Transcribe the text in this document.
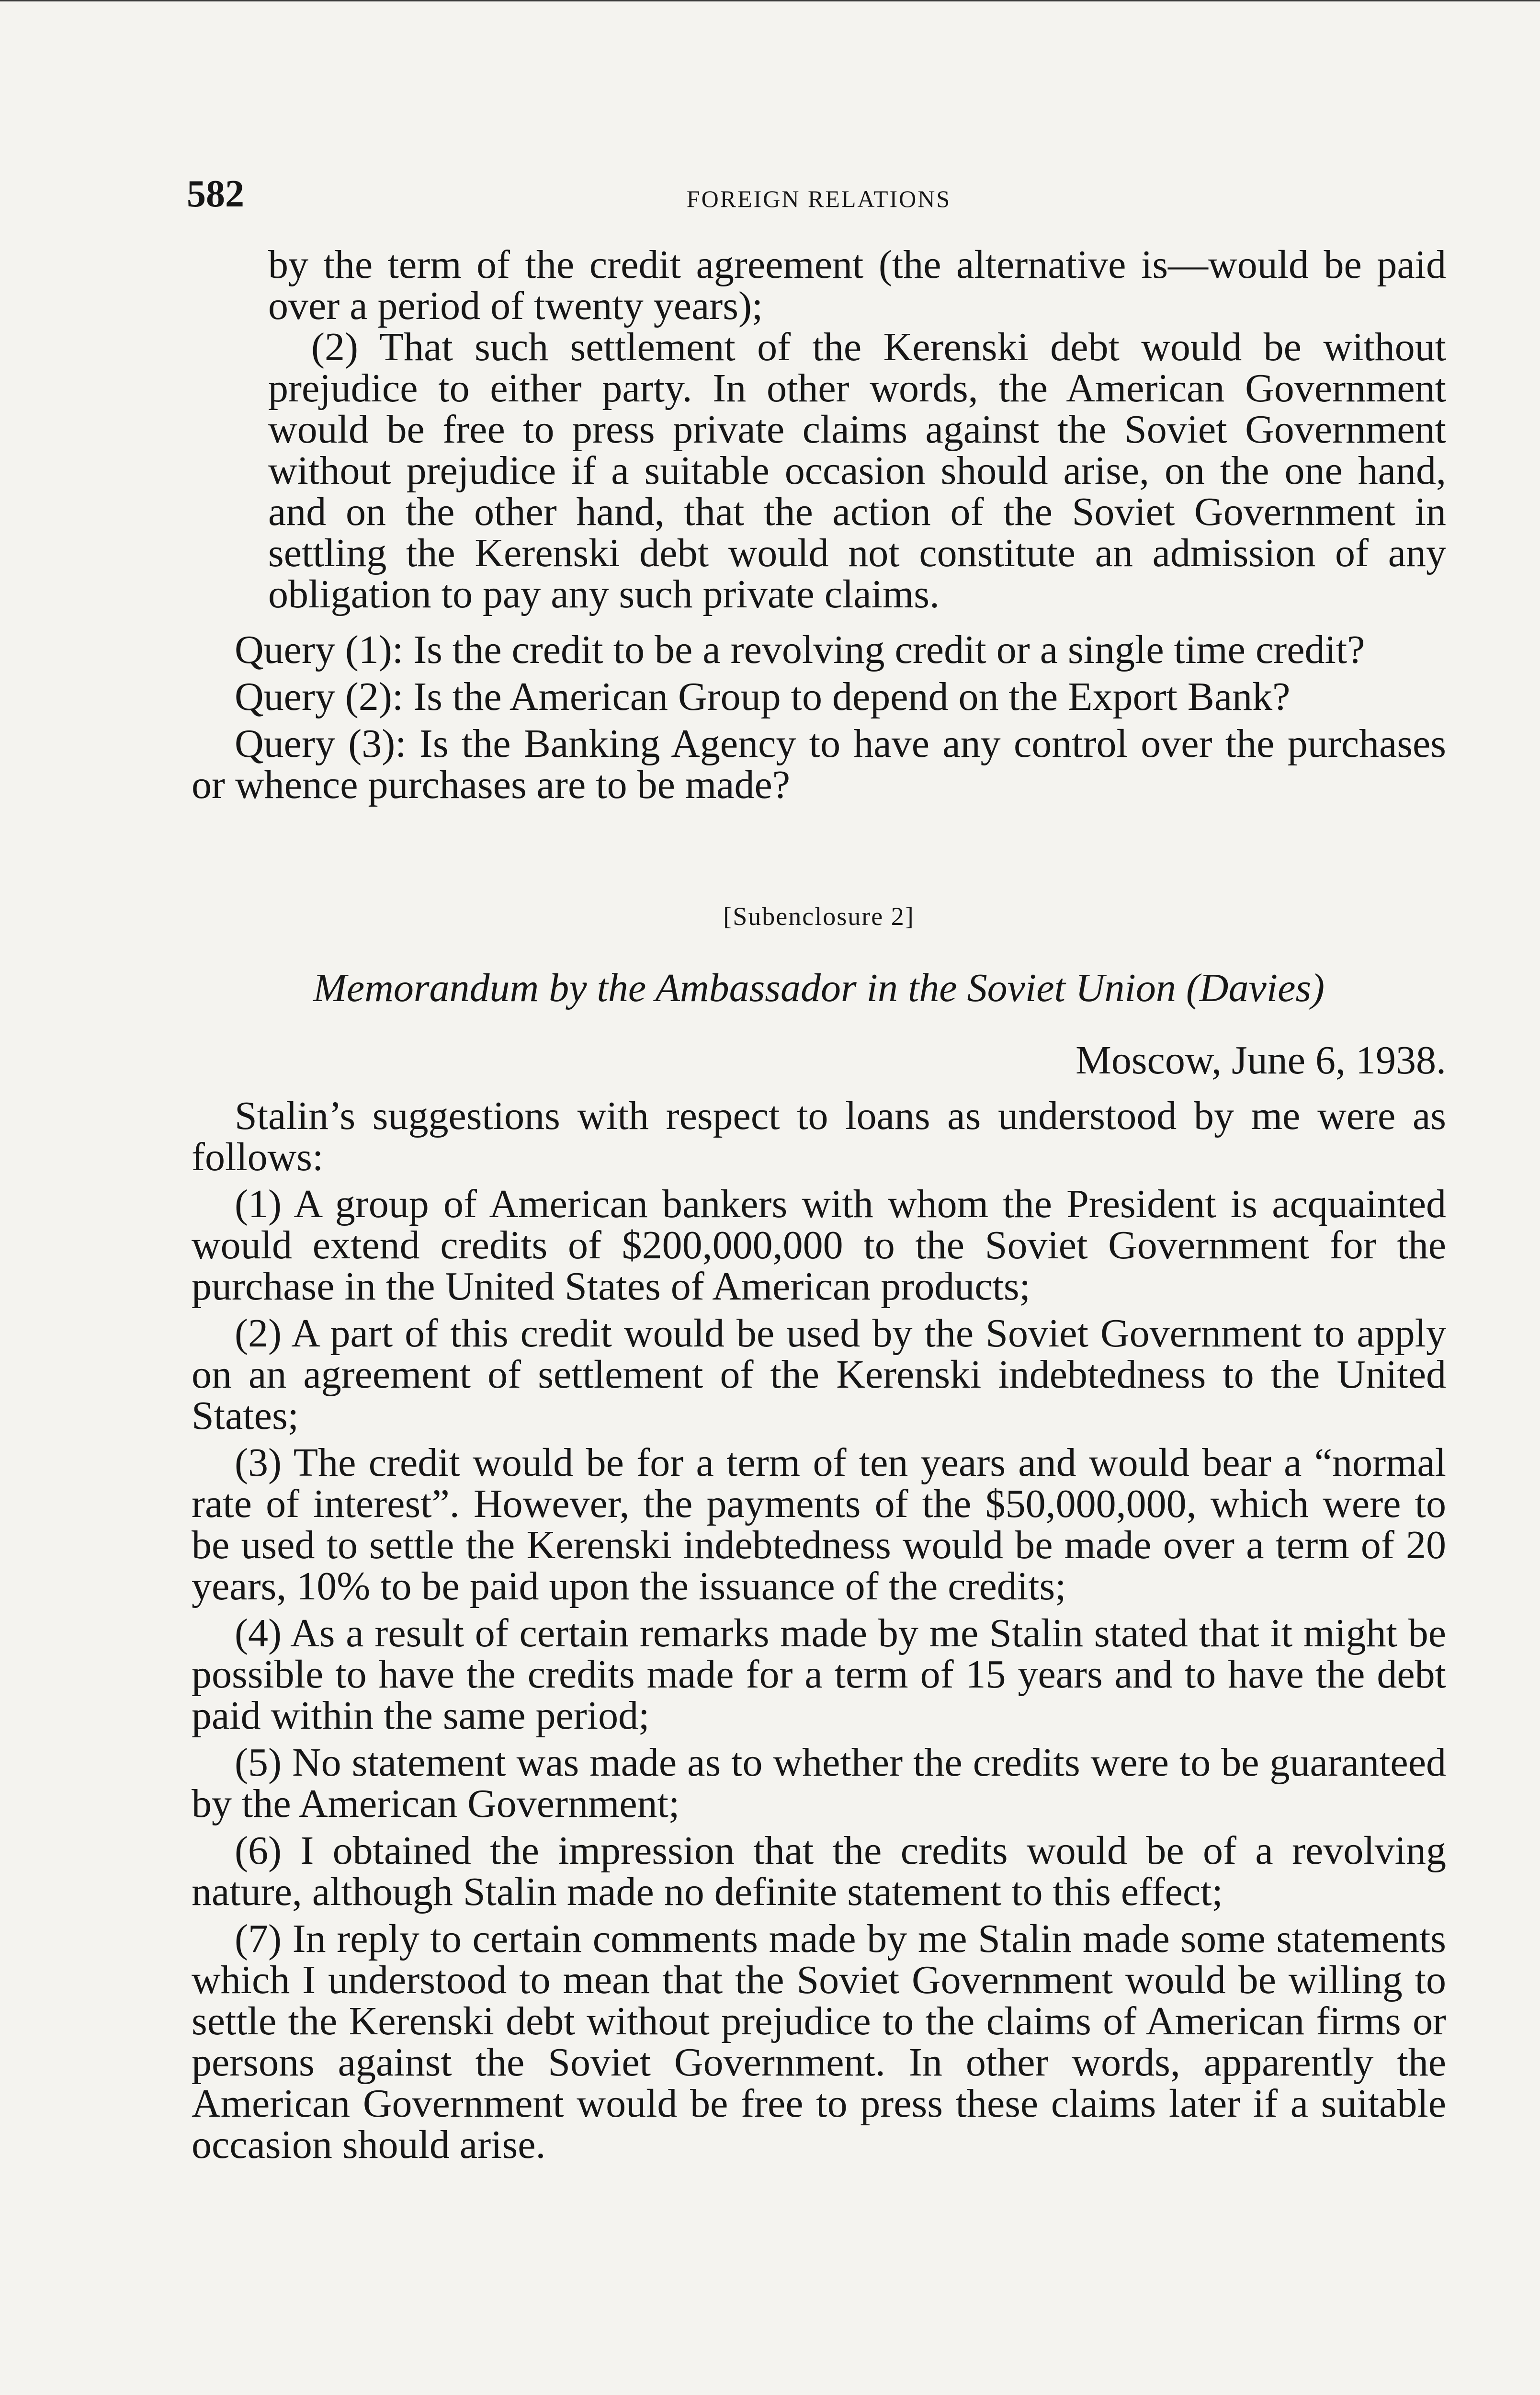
582	FOREIGN RELATIONS

by the term of the credit agreement (the alternative is—would be paid over a period of twenty years);

(2) That such settlement of the Kerenski debt would be without prejudice to either party. In other words, the American Government would be free to press private claims against the Soviet Government without prejudice if a suitable occasion should arise, on the one hand, and on the other hand, that the action of the Soviet Government in settling the Kerenski debt would not constitute an admission of any obligation to pay any such private claims.

Query (1): Is the credit to be a revolving credit or a single time credit?

Query (2): Is the American Group to depend on the Export Bank?

Query (3): Is the Banking Agency to have any control over the purchases or whence purchases are to be made?

[Subenclosure 2]
Memorandum by the Ambassador in the Soviet Union (Davies)

Moscow, June 6, 1938.

Stalin’s suggestions with respect to loans as understood by me were as follows:

(1) A group of American bankers with whom the President is acquainted would extend credits of $200,000,000 to the Soviet Government for the purchase in the United States of American products;

(2) A part of this credit would be used by the Soviet Government to apply on an agreement of settlement of the Kerenski indebtedness to the United States;

(3) The credit would be for a term of ten years and would bear a “normal rate of interest”. However, the payments of the $50,000,000, which were to be used to settle the Kerenski indebtedness would be made over a term of 20 years, 10% to be paid upon the issuance of the credits;

(4) As a result of certain remarks made by me Stalin stated that it might be possible to have the credits made for a term of 15 years and to have the debt paid within the same period;

(5) No statement was made as to whether the credits were to be guaranteed by the American Government;

(6) I obtained the impression that the credits would be of a revolving nature, although Stalin made no definite statement to this effect;

(7) In reply to certain comments made by me Stalin made some statements which I understood to mean that the Soviet Government would be willing to settle the Kerenski debt without prejudice to the claims of American firms or persons against the Soviet Government. In other words, apparently the American Government would be free to press these claims later if a suitable occasion should arise.
